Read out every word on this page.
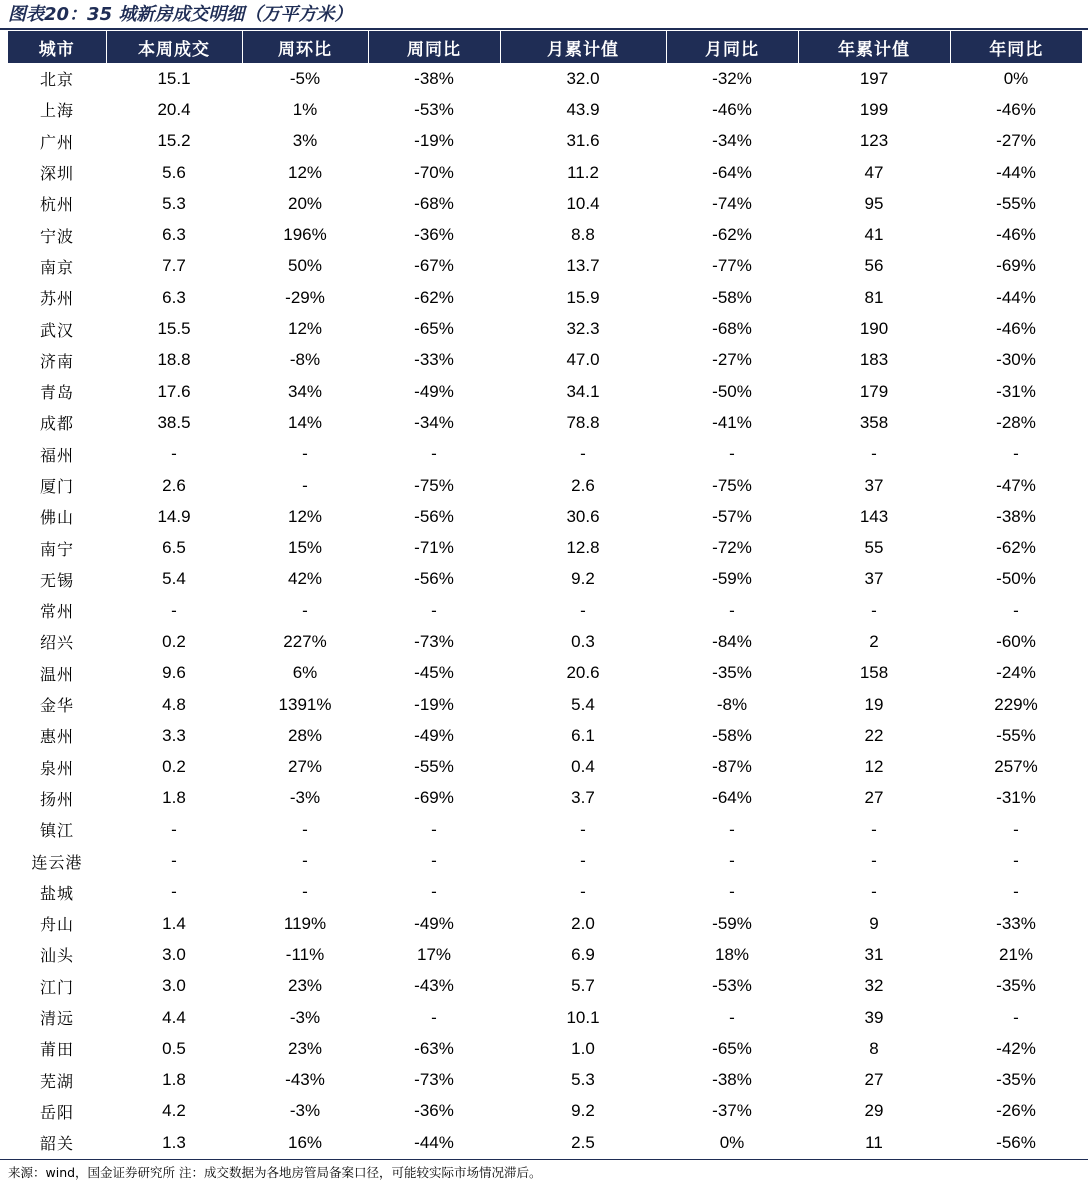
图表20：35 城新房成交明细（万平方米）
城市	本周成交	周环比	周同比	月累计值	月同比	年累计值	年同比
北京	15.1	-5%	-38%	32.0	-32%	197	0%
上海	20.4	1%	-53%	43.9	-46%	199	-46%
广州	15.2	3%	-19%	31.6	-34%	123	-27%
深圳	5.6	12%	-70%	11.2	-64%	47	-44%
杭州	5.3	20%	-68%	10.4	-74%	95	-55%
宁波	6.3	196%	-36%	8.8	-62%	41	-46%
南京	7.7	50%	-67%	13.7	-77%	56	-69%
苏州	6.3	-29%	-62%	15.9	-58%	81	-44%
武汉	15.5	12%	-65%	32.3	-68%	190	-46%
济南	18.8	-8%	-33%	47.0	-27%	183	-30%
青岛	17.6	34%	-49%	34.1	-50%	179	-31%
成都	38.5	14%	-34%	78.8	-41%	358	-28%
福州	-	-	-	-	-	-	-
厦门	2.6	-	-75%	2.6	-75%	37	-47%
佛山	14.9	12%	-56%	30.6	-57%	143	-38%
南宁	6.5	15%	-71%	12.8	-72%	55	-62%
无锡	5.4	42%	-56%	9.2	-59%	37	-50%
常州	-	-	-	-	-	-	-
绍兴	0.2	227%	-73%	0.3	-84%	2	-60%
温州	9.6	6%	-45%	20.6	-35%	158	-24%
金华	4.8	1391%	-19%	5.4	-8%	19	229%
惠州	3.3	28%	-49%	6.1	-58%	22	-55%
泉州	0.2	27%	-55%	0.4	-87%	12	257%
扬州	1.8	-3%	-69%	3.7	-64%	27	-31%
镇江	-	-	-	-	-	-	-
连云港	-	-	-	-	-	-	-
盐城	-	-	-	-	-	-	-
舟山	1.4	119%	-49%	2.0	-59%	9	-33%
汕头	3.0	-11%	17%	6.9	18%	31	21%
江门	3.0	23%	-43%	5.7	-53%	32	-35%
清远	4.4	-3%	-	10.1	-	39	-
莆田	0.5	23%	-63%	1.0	-65%	8	-42%
芜湖	1.8	-43%	-73%	5.3	-38%	27	-35%
岳阳	4.2	-3%	-36%	9.2	-37%	29	-26%
韶关	1.3	16%	-44%	2.5	0%	11	-56%
来源：wind，国金证券研究所 注：成交数据为各地房管局备案口径，可能较实际市场情况滞后。
